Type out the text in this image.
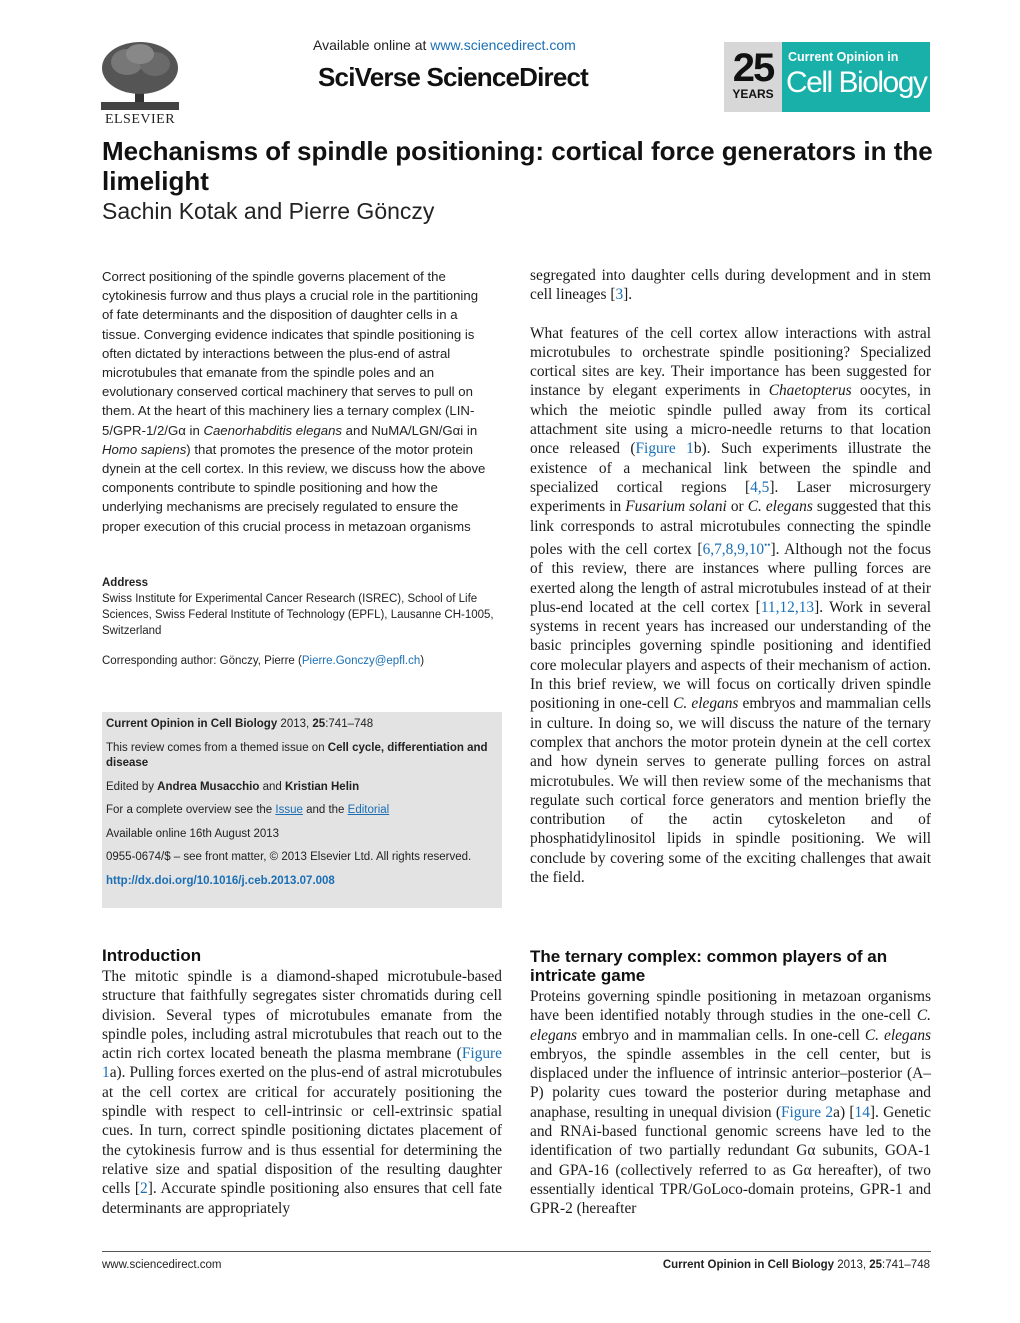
ELSEVIER
Available online at www.sciencedirect.com
SciVerse ScienceDirect	25
YEARS
Current Opinion in
Cell Biology
Mechanisms of spindle positioning: cortical force generators in the limelight
Sachin Kotak and Pierre Gönczy
Correct positioning of the spindle governs placement of the cytokinesis furrow and thus plays a crucial role in the partitioning of fate determinants and the disposition of daughter cells in a tissue. Converging evidence indicates that spindle positioning is often dictated by interactions between the plus-end of astral microtubules that emanate from the spindle poles and an evolutionary conserved cortical machinery that serves to pull on them. At the heart of this machinery lies a ternary complex (LIN-5/GPR-1/2/Gα in Caenorhabditis elegans and NuMA/LGN/Gαi in Homo sapiens) that promotes the presence of the motor protein dynein at the cell cortex. In this review, we discuss how the above components contribute to spindle positioning and how the underlying mechanisms are precisely regulated to ensure the proper execution of this crucial process in metazoan organisms
Address
Swiss Institute for Experimental Cancer Research (ISREC), School of Life Sciences, Swiss Federal Institute of Technology (EPFL), Lausanne CH-1005, Switzerland
Corresponding author: Gönczy, Pierre (Pierre.Gonczy@epfl.ch)

Current Opinion in Cell Biology 2013, 25:741–748

This review comes from a themed issue on Cell cycle, differentiation and disease

Edited by Andrea Musacchio and Kristian Helin

For a complete overview see the Issue and the Editorial

Available online 16th August 2013

0955-0674/$ – see front matter, © 2013 Elsevier Ltd. All rights reserved.

http://dx.doi.org/10.1016/j.ceb.2013.07.008

segregated into daughter cells during development and in stem cell lineages [3].

What features of the cell cortex allow interactions with astral microtubules to orchestrate spindle positioning? Specialized cortical sites are key. Their importance has been suggested for instance by elegant experiments in Chaetopterus oocytes, in which the meiotic spindle pulled away from its cortical attachment site using a micro-needle returns to that location once released (Figure 1b). Such experiments illustrate the existence of a mechanical link between the spindle and specialized cortical regions [4,5]. Laser microsurgery experiments in Fusarium solani or C. elegans suggested that this link corresponds to astral microtubules connecting the spindle poles with the cell cortex [6,7,8,9,10••]. Although not the focus of this review, there are instances where pulling forces are exerted along the length of astral microtubules instead of at their plus-end located at the cell cortex [11,12,13]. Work in several systems in recent years has increased our understanding of the basic principles governing spindle positioning and identified core molecular players and aspects of their mechanism of action. In this brief review, we will focus on cortically driven spindle positioning in one-cell C. elegans embryos and mammalian cells in culture. In doing so, we will discuss the nature of the ternary complex that anchors the motor protein dynein at the cell cortex and how dynein serves to generate pulling forces on astral microtubules. We will then review some of the mechanisms that regulate such cortical force generators and mention briefly the contribution of the actin cytoskeleton and of phosphatidylinositol lipids in spindle positioning. We will conclude by covering some of the exciting challenges that await the field.

Introduction

The mitotic spindle is a diamond-shaped microtubule-based structure that faithfully segregates sister chromatids during cell division. Several types of microtubules emanate from the spindle poles, including astral microtubules that reach out to the actin rich cortex located beneath the plasma membrane (Figure 1a). Pulling forces exerted on the plus-end of astral microtubules at the cell cortex are critical for accurately positioning the spindle with respect to cell-intrinsic or cell-extrinsic spatial cues. In turn, correct spindle positioning dictates placement of the cytokinesis furrow and is thus essential for determining the relative size and spatial disposition of the resulting daughter cells [2]. Accurate spindle positioning also ensures that cell fate determinants are appropriately

The ternary complex: common players of an intricate game

Proteins governing spindle positioning in metazoan organisms have been identified notably through studies in the one-cell C. elegans embryo and in mammalian cells. In one-cell C. elegans embryos, the spindle assembles in the cell center, but is displaced under the influence of intrinsic anterior–posterior (A–P) polarity cues toward the posterior during metaphase and anaphase, resulting in unequal division (Figure 2a) [14]. Genetic and RNAi-based functional genomic screens have led to the identification of two partially redundant Gα subunits, GOA-1 and GPA-16 (collectively referred to as Gα hereafter), of two essentially identical TPR/GoLoco-domain proteins, GPR-1 and GPR-2 (hereafter

www.sciencedirect.com	Current Opinion in Cell Biology 2013, 25:741–748
